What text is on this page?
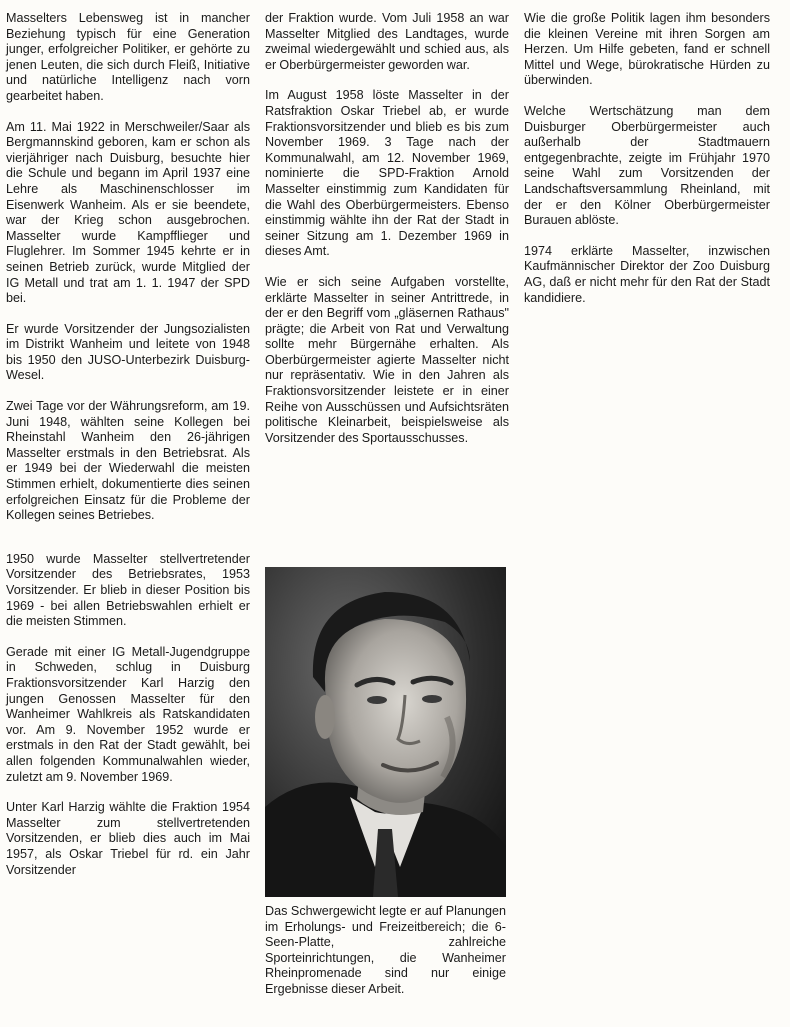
Masselters Lebensweg ist in mancher Beziehung typisch für eine Generation junger, erfolgreicher Politiker, er gehörte zu jenen Leuten, die sich durch Fleiß, Initiative und natürliche Intelligenz nach vorn gearbeitet haben.

Am 11. Mai 1922 in Merschweiler/Saar als Bergmannskind geboren, kam er schon als vierjähriger nach Duisburg, besuchte hier die Schule und begann im April 1937 eine Lehre als Maschinenschlosser im Eisenwerk Wanheim. Als er sie beendete, war der Krieg schon ausgebrochen. Masselter wurde Kampfflieger und Fluglehrer. Im Sommer 1945 kehrte er in seinen Betrieb zurück, wurde Mitglied der IG Metall und trat am 1. 1. 1947 der SPD bei.

Er wurde Vorsitzender der Jungsozialisten im Distrikt Wanheim und leitete von 1948 bis 1950 den JUSO-Unterbezirk Duisburg-Wesel.

Zwei Tage vor der Währungsreform, am 19. Juni 1948, wählten seine Kollegen bei Rheinstahl Wanheim den 26-jährigen Masselter erstmals in den Betriebsrat. Als er 1949 bei der Wiederwahl die meisten Stimmen erhielt, dokumentierte dies seinen erfolgreichen Einsatz für die Probleme der Kollegen seines Betriebes.

1950 wurde Masselter stellvertretender Vorsitzender des Betriebsrates, 1953 Vorsitzender. Er blieb in dieser Position bis 1969 - bei allen Betriebswahlen erhielt er die meisten Stimmen.

Gerade mit einer IG Metall-Jugendgruppe in Schweden, schlug in Duisburg Fraktionsvorsitzender Karl Harzig den jungen Genossen Masselter für den Wanheimer Wahlkreis als Ratskandidaten vor. Am 9. November 1952 wurde er erstmals in den Rat der Stadt gewählt, bei allen folgenden Kommunalwahlen wieder, zuletzt am 9. November 1969.

Unter Karl Harzig wählte die Fraktion 1954 Masselter zum stellvertretenden Vorsitzenden, er blieb dies auch im Mai 1957, als Oskar Triebel für rd. ein Jahr Vorsitzender

der Fraktion wurde. Vom Juli 1958 an war Masselter Mitglied des Landtages, wurde zweimal wiedergewählt und schied aus, als er Oberbürgermeister geworden war.

Im August 1958 löste Masselter in der Ratsfraktion Oskar Triebel ab, er wurde Fraktionsvorsitzender und blieb es bis zum November 1969. 3 Tage nach der Kommunalwahl, am 12. November 1969, nominierte die SPD-Fraktion Arnold Masselter einstimmig zum Kandidaten für die Wahl des Oberbürgermeisters. Ebenso einstimmig wählte ihn der Rat der Stadt in seiner Sitzung am 1. Dezember 1969 in dieses Amt.

Wie er sich seine Aufgaben vorstellte, erklärte Masselter in seiner Antrittrede, in der er den Begriff vom „gläsernen Rathaus" prägte; die Arbeit von Rat und Verwaltung sollte mehr Bürgernähe erhalten. Als Oberbürgermeister agierte Masselter nicht nur repräsentativ. Wie in den Jahren als Fraktionsvorsitzender leistete er in einer Reihe von Ausschüssen und Aufsichtsräten politische Kleinarbeit, beispielsweise als Vorsitzender des Sportausschusses.

Das Schwergewicht legte er auf Planungen im Erholungs- und Freizeitbereich; die 6-Seen-Platte, zahlreiche Sporteinrichtungen, die Wanheimer Rheinpromenade sind nur einige Ergebnisse dieser Arbeit.

Wie die große Politik lagen ihm besonders die kleinen Vereine mit ihren Sorgen am Herzen. Um Hilfe gebeten, fand er schnell Mittel und Wege, bürokratische Hürden zu überwinden.

Welche Wertschätzung man dem Duisburger Oberbürgermeister auch außerhalb der Stadtmauern entgegenbrachte, zeigte im Frühjahr 1970 seine Wahl zum Vorsitzenden der Landschaftsversammlung Rheinland, mit der er den Kölner Oberbürgermeister Burauen ablöste.

1974 erklärte Masselter, inzwischen Kaufmännischer Direktor der Zoo Duisburg AG, daß er nicht mehr für den Rat der Stadt kandidiere.
